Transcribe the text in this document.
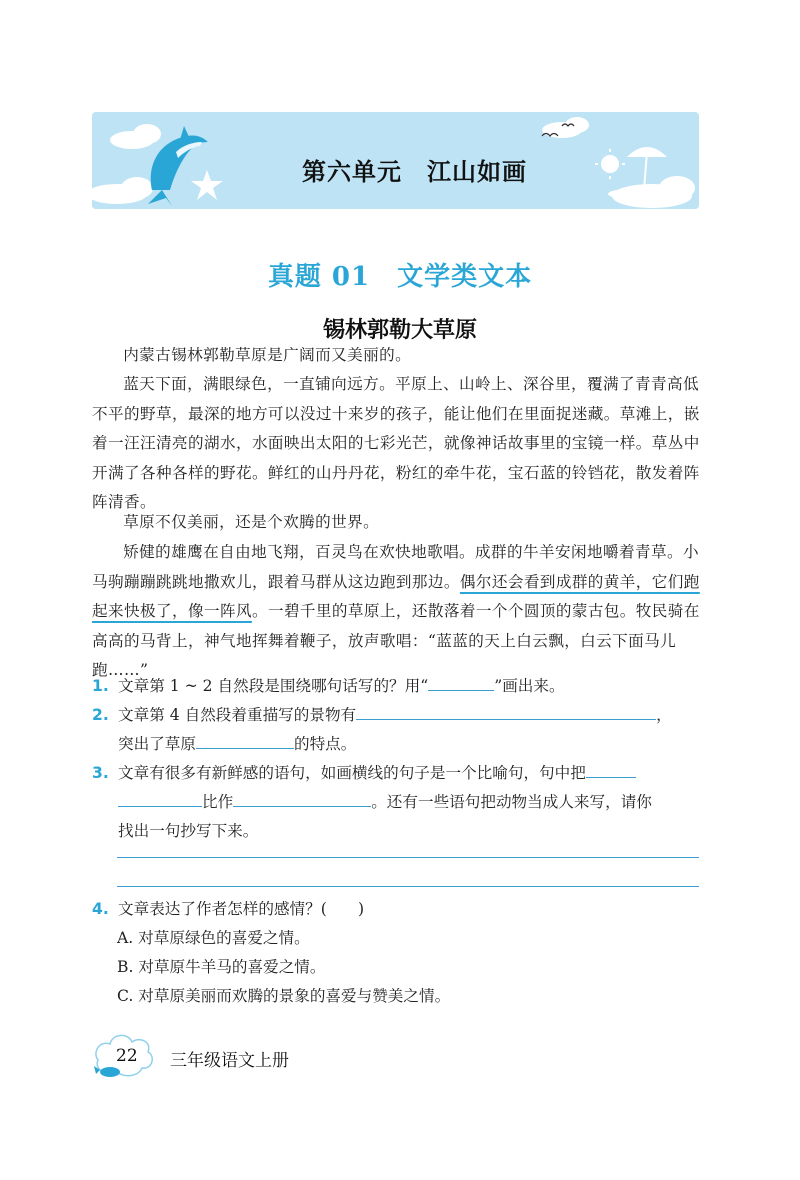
第六单元　江山如画
真题 01　文学类文本
锡林郭勒大草原
内蒙古锡林郭勒草原是广阔而又美丽的。
蓝天下面，满眼绿色，一直铺向远方。平原上、山岭上、深谷里，覆满了青青高低不平的野草，最深的地方可以没过十来岁的孩子，能让他们在里面捉迷藏。草滩上，嵌着一汪汪清亮的湖水，水面映出太阳的七彩光芒，就像神话故事里的宝镜一样。草丛中开满了各种各样的野花。鲜红的山丹丹花，粉红的牵牛花，宝石蓝的铃铛花，散发着阵阵清香。
草原不仅美丽，还是个欢腾的世界。
矫健的雄鹰在自由地飞翔，百灵鸟在欢快地歌唱。成群的牛羊安闲地嚼着青草。小马驹蹦蹦跳跳地撒欢儿，跟着马群从这边跑到那边。偶尔还会看到成群的黄羊，它们跑起来快极了，像一阵风。一碧千里的草原上，还散落着一个个圆顶的蒙古包。牧民骑在高高的马背上，神气地挥舞着鞭子，放声歌唱：“蓝蓝的天上白云飘，白云下面马儿跑……”
1. 文章第 1 ~ 2 自然段是围绕哪句话写的？用“	”画出来。
2. 文章第 4 自然段着重描写的景物有	，
突出了草原	的特点。
3. 文章有很多有新鲜感的语句，如画横线的句子是一个比喻句，句中把
比作	。还有一些语句把动物当成人来写，请你
找出一句抄写下来。
4. 文章表达了作者怎样的感情？(　　)
A. 对草原绿色的喜爱之情。
B. 对草原牛羊马的喜爱之情。
C. 对草原美丽而欢腾的景象的喜爱与赞美之情。
22 三年级语文上册
